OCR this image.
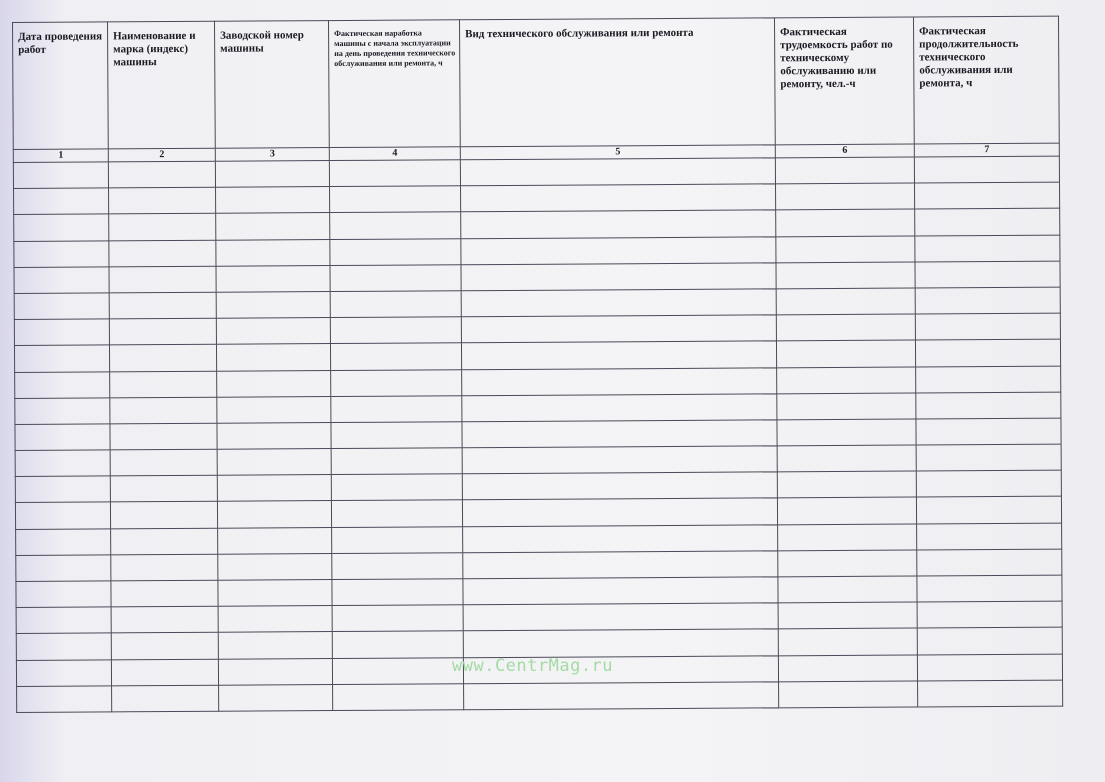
Дата проведения работ	Наименование и марка (индекс) машины	Заводской номер машины	Фактическая наработка машины с начала эксплуатации на день проведения технического обслуживания или ремонта, ч	Вид технического обслуживания или ремонта	Фактическая трудоемкость работ по техническому обслуживанию или ремонту, чел.-ч	Фактическая продолжительность технического обслуживания или ремонта, ч
1	2	3	4	5	6	7

www.CentrMag.ru
